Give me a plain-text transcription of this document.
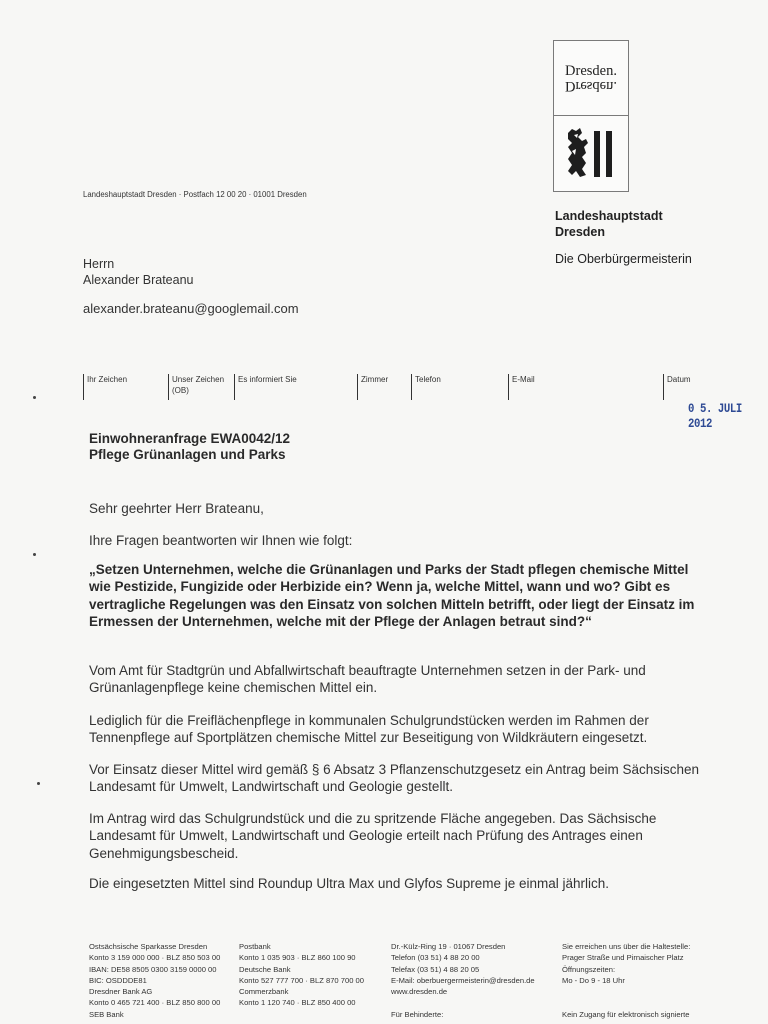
Dresden.
Dresden.
Landeshauptstadt Dresden · Postfach 12 00 20 · 01001 Dresden
Landeshauptstadt
Dresden
Die Oberbürgermeisterin
Herrn
Alexander Brateanu
alexander.brateanu@googlemail.com
Ihr Zeichen	Unser Zeichen
(OB)
Es informiert Sie	Zimmer	Telefon	E-Mail	Datum
0 5. JULI 2012
Einwohneranfrage EWA0042/12
Pflege Grünanlagen und Parks
Sehr geehrter Herr Brateanu,
Ihre Fragen beantworten wir Ihnen wie folgt:
„Setzen Unternehmen, welche die Grünanlagen und Parks der Stadt pflegen chemische Mittel wie Pestizide, Fungizide oder Herbizide ein? Wenn ja, welche Mittel, wann und wo? Gibt es vertragliche Regelungen was den Einsatz von solchen Mitteln betrifft, oder liegt der Einsatz im Ermessen der Unternehmen, welche mit der Pflege der Anlagen betraut sind?“
Vom Amt für Stadtgrün und Abfallwirtschaft beauftragte Unternehmen setzen in der Park- und Grünanlagenpflege keine chemischen Mittel ein.
Lediglich für die Freiflächenpflege in kommunalen Schulgrundstücken werden im Rahmen der Tennenpflege auf Sportplätzen chemische Mittel zur Beseitigung von Wildkräutern eingesetzt.
Vor Einsatz dieser Mittel wird gemäß § 6 Absatz 3 Pflanzenschutzgesetz ein Antrag beim Sächsischen Landesamt für Umwelt, Landwirtschaft und Geologie gestellt.
Im Antrag wird das Schulgrundstück und die zu spritzende Fläche angegeben. Das Sächsische Landesamt für Umwelt, Landwirtschaft und Geologie erteilt nach Prüfung des Antrages einen Genehmigungsbescheid.
Die eingesetzten Mittel sind Roundup Ultra Max und Glyfos Supreme je einmal jährlich.
Ostsächsische Sparkasse Dresden
Konto 3 159 000 000 · BLZ 850 503 00
IBAN: DE58 8505 0300 3159 0000 00
BIC: OSDDDE81
Dresdner Bank AG
Konto 0 465 721 400 · BLZ 850 800 00
SEB Bank
Postbank
Konto 1 035 903 · BLZ 860 100 90
Deutsche Bank
Konto 527 777 700 · BLZ 870 700 00
Commerzbank
Konto 1 120 740 · BLZ 850 400 00
Dr.-Külz-Ring 19 · 01067 Dresden
Telefon (03 51) 4 88 20 00
Telefax (03 51) 4 88 20 05
E-Mail: oberbuergermeisterin@dresden.de
www.dresden.de

Für Behinderte:
Sie erreichen uns über die Haltestelle:
Prager Straße und Pirnaischer Platz
Öffnungszeiten:
Mo - Do 9 - 18 Uhr

Kein Zugang für elektronisch signierte
